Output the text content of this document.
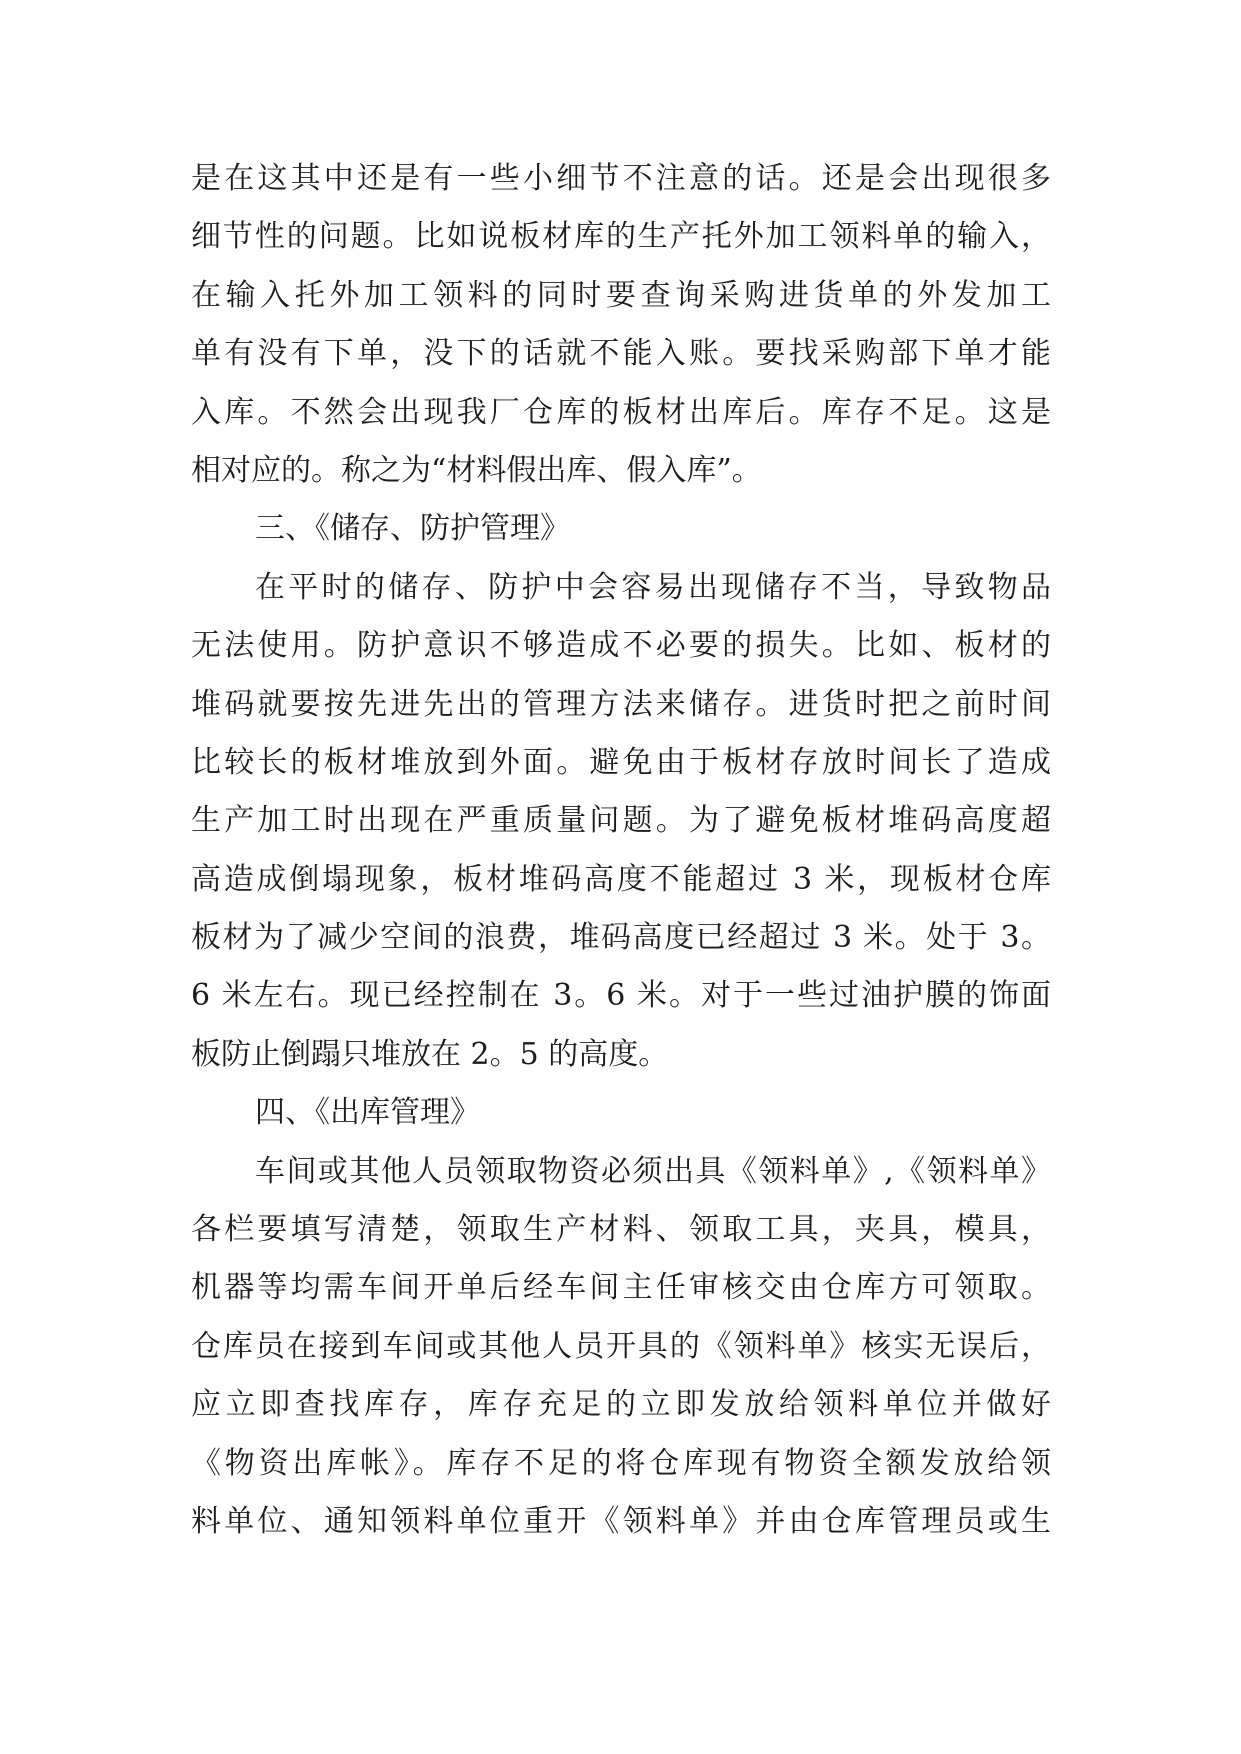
是在这其中还是有一些小细节不注意的话。还是会出现很多
细节性的问题。比如说板材库的生产托外加工领料单的输入，
在输入托外加工领料的同时要查询采购进货单的外发加工
单有没有下单，没下的话就不能入账。要找采购部下单才能
入库。不然会出现我厂仓库的板材出库后。库存不足。这是
相对应的。称之为“材料假出库、假入库”。
三、《储存、防护管理》
在平时的储存、防护中会容易出现储存不当，导致物品
无法使用。防护意识不够造成不必要的损失。比如、板材的
堆码就要按先进先出的管理方法来储存。进货时把之前时间
比较长的板材堆放到外面。避免由于板材存放时间长了造成
生产加工时出现在严重质量问题。为了避免板材堆码高度超
高造成倒塌现象，板材堆码高度不能超过 3 米，现板材仓库
板材为了减少空间的浪费，堆码高度已经超过 3 米。处于 3。
6 米左右。现已经控制在 3。6 米。对于一些过油护膜的饰面
板防止倒蹋只堆放在 2。5 的高度。
四、《出库管理》
车间或其他人员领取物资必须出具《领料单》,《领料单》
各栏要填写清楚，领取生产材料、领取工具，夹具，模具，
机器等均需车间开单后经车间主任审核交由仓库方可领取。
仓库员在接到车间或其他人员开具的《领料单》核实无误后，
应立即查找库存，库存充足的立即发放给领料单位并做好
《物资出库帐》。库存不足的将仓库现有物资全额发放给领
料单位、通知领料单位重开《领料单》并由仓库管理员或生
